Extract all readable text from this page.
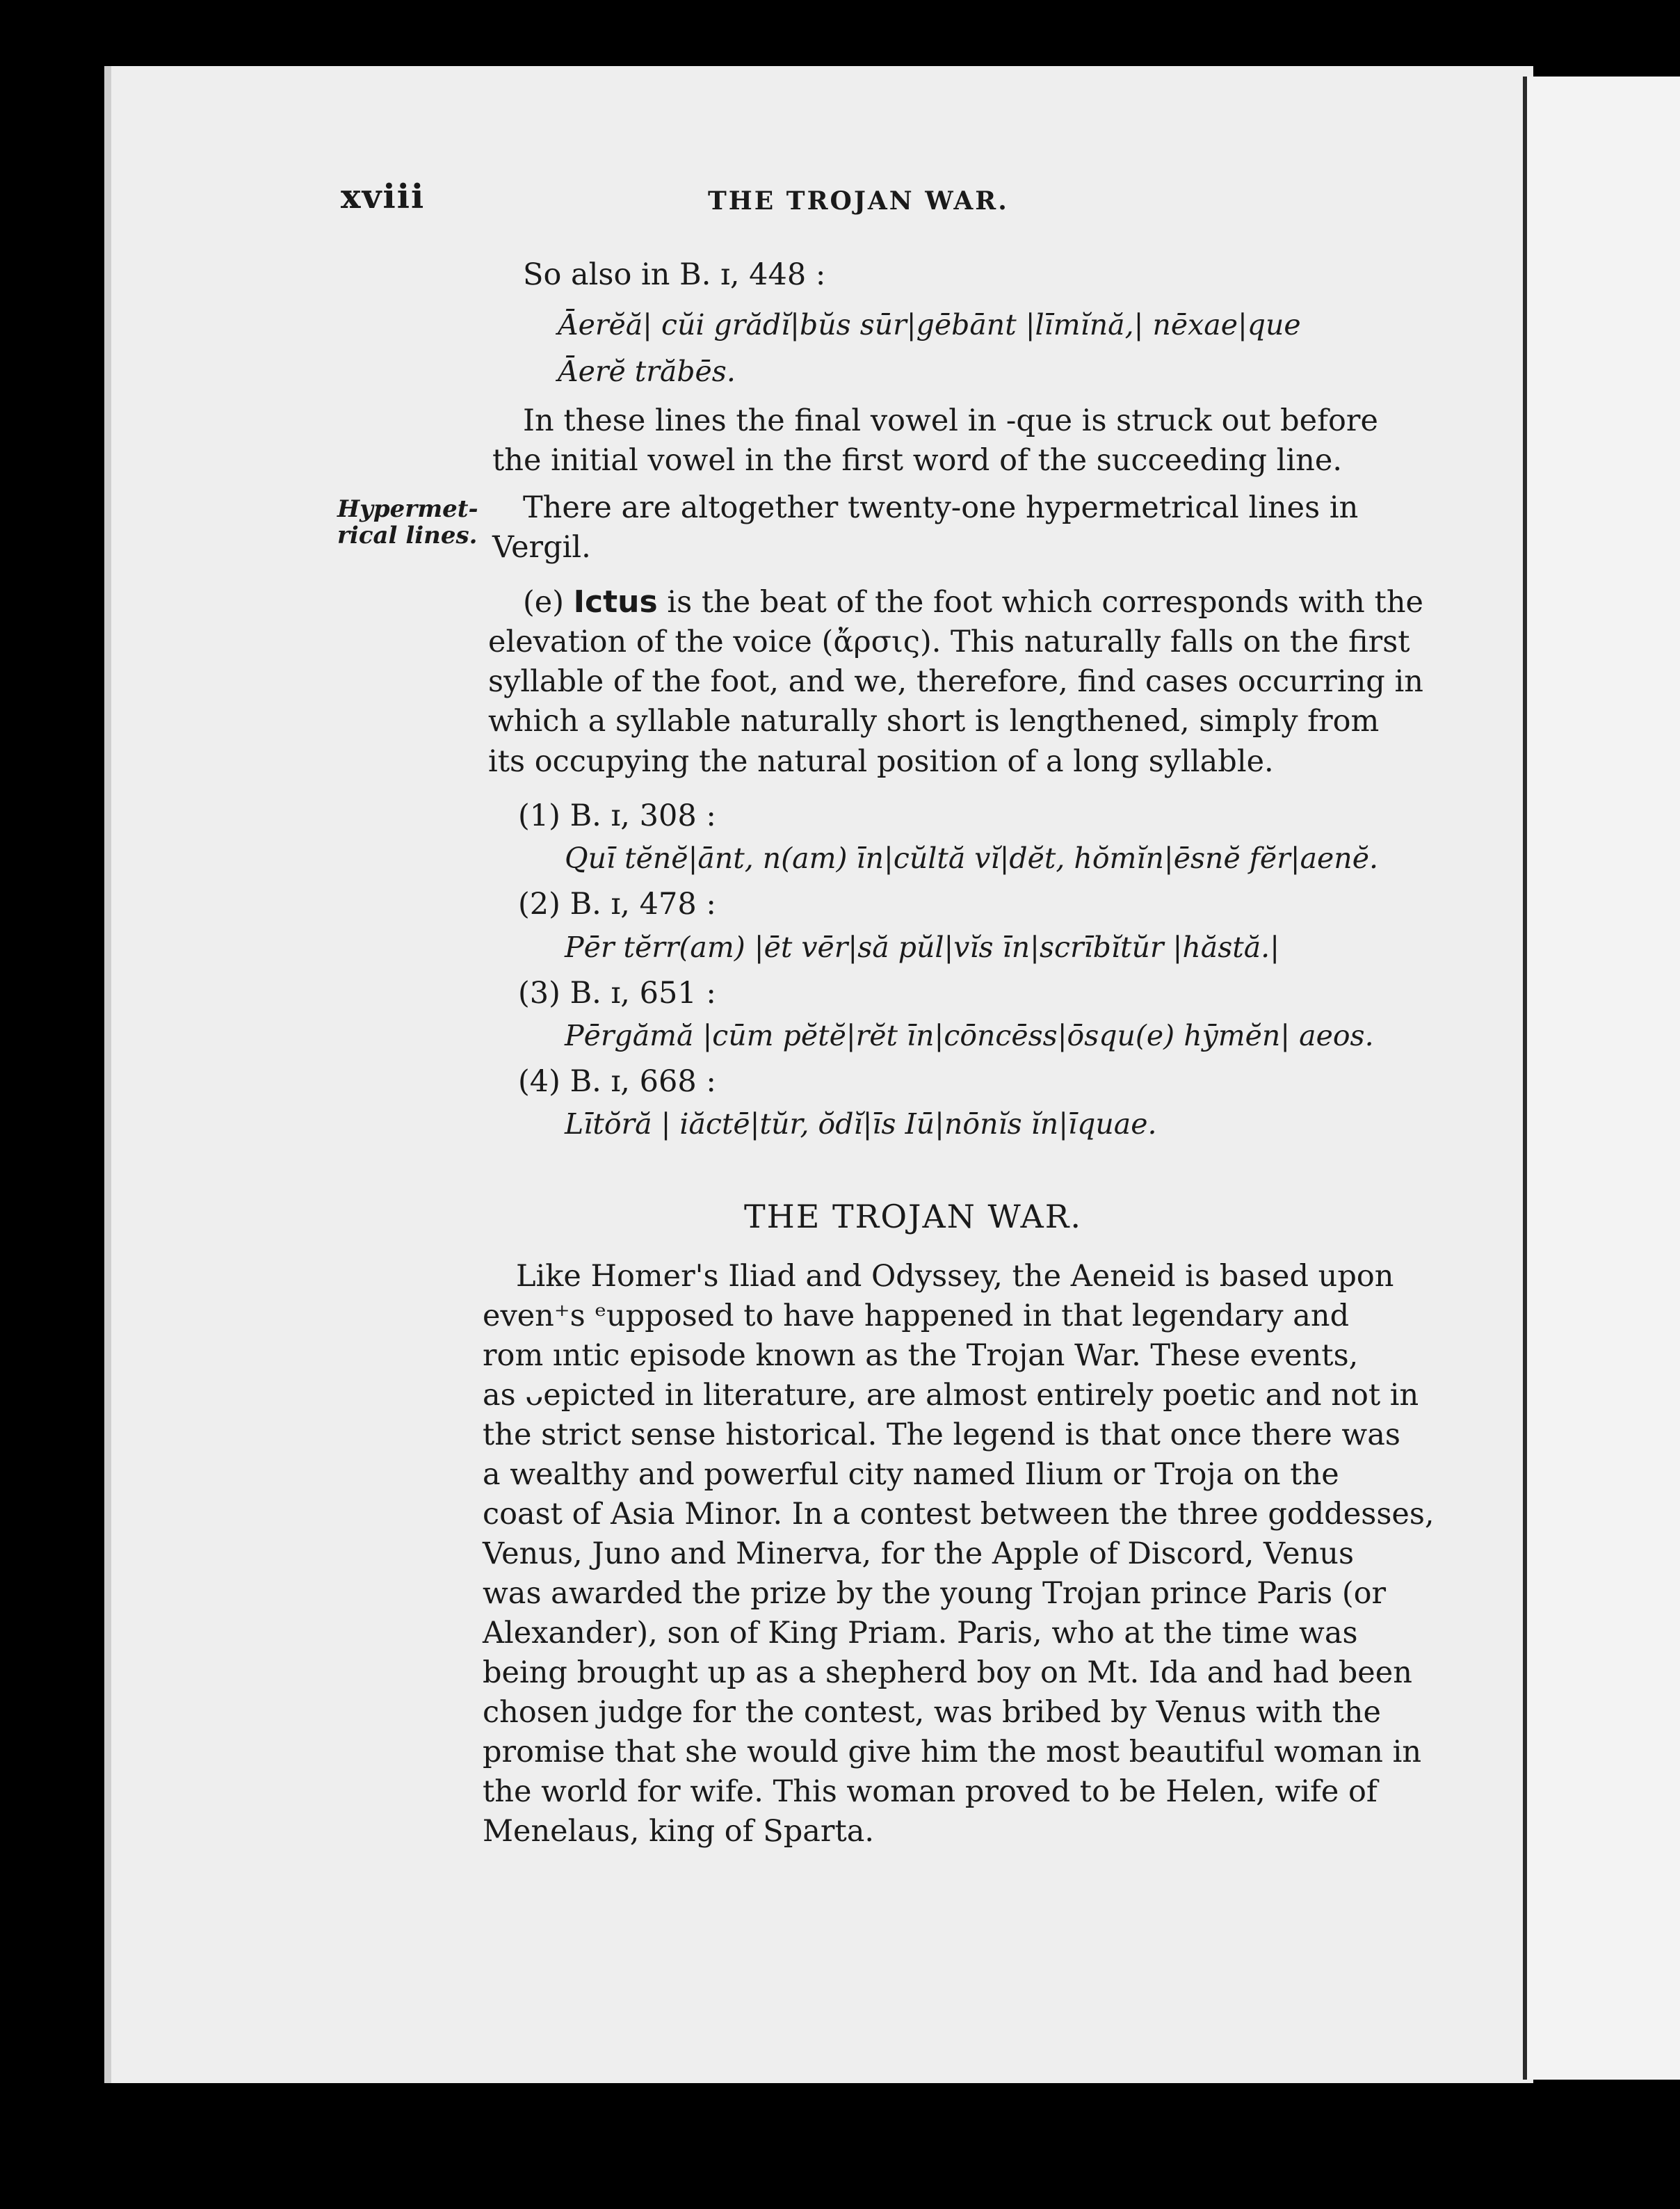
xviii	THE TROJAN WAR.
So also in B. ɪ, 448 :
Āerĕă| cŭi grădĭ|bŭs sūr|gēbānt |līmĭnă,| nēxae|que
Āerĕ trăbēs.
In these lines the final vowel in -que is struck out before
the initial vowel in the first word of the succeeding line.
Hypermet-
rical lines.
There are altogether twenty-one hypermetrical lines in
Vergil.
(e) Ictus is the beat of the foot which corresponds with the
elevation of the voice (ἄρσις). This naturally falls on the first
syllable of the foot, and we, therefore, find cases occurring in
which a syllable naturally short is lengthened, simply from
its occupying the natural position of a long syllable.
(1) B. ɪ, 308 :
Quī tĕnĕ|ānt, n(am) īn|cŭltă vĭ|dĕt, hŏmĭn|ēsnĕ fĕr|aenĕ.
(2) B. ɪ, 478 :
Pēr tĕrr(am) |ēt vēr|să pŭl|vĭs īn|scrībĭtŭr |hăstă.|
(3) B. ɪ, 651 :
Pērgămă |cūm pĕtĕ|rĕt īn|cōncēss|ōsqu(e) hȳmĕn| aeos.
(4) B. ɪ, 668 :
Lītŏră | iăctē|tŭr, ŏdĭ|īs Iū|nōnĭs ĭn|īquae.
THE TROJAN WAR.
Like Homer's Iliad and Odyssey, the Aeneid is based upon
even⁺s ᵉupposed to have happened in that legendary and
rom ıntic episode known as the Trojan War. These events,
as ᴗepicted in literature, are almost entirely poetic and not in
the strict sense historical. The legend is that once there was
a wealthy and powerful city named Ilium or Troja on the
coast of Asia Minor. In a contest between the three goddesses,
Venus, Juno and Minerva, for the Apple of Discord, Venus
was awarded the prize by the young Trojan prince Paris (or
Alexander), son of King Priam. Paris, who at the time was
being brought up as a shepherd boy on Mt. Ida and had been
chosen judge for the contest, was bribed by Venus with the
promise that she would give him the most beautiful woman in
the world for wife. This woman proved to be Helen, wife of
Menelaus, king of Sparta.
